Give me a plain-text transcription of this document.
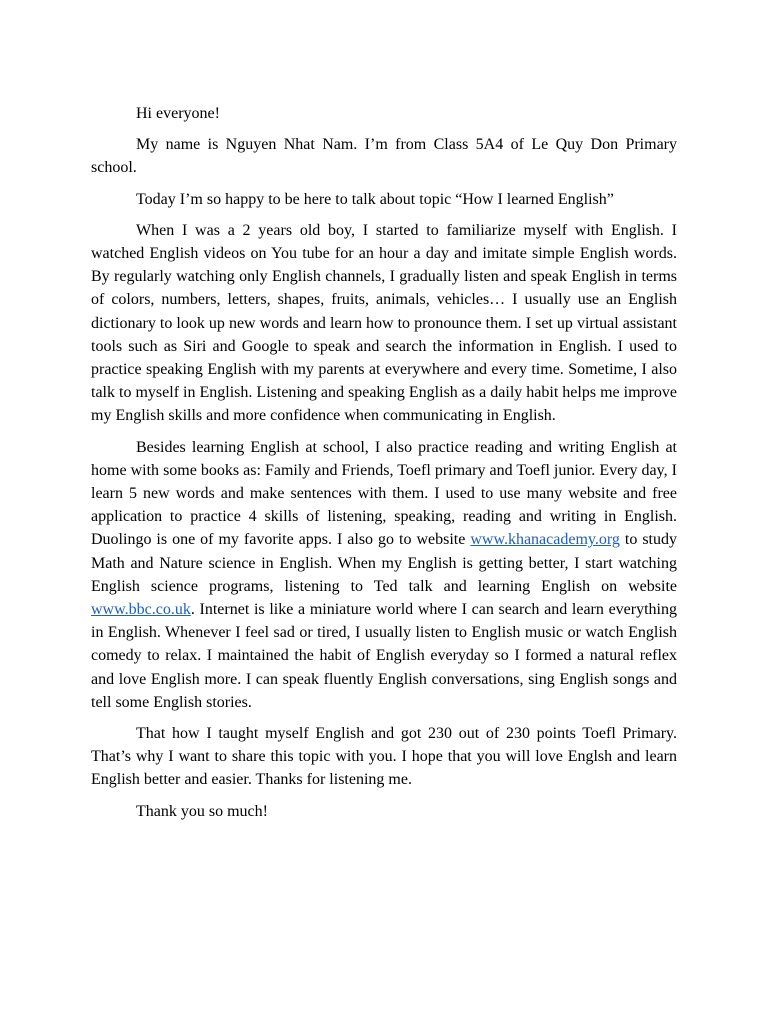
Hi everyone!

My name is Nguyen Nhat Nam. I’m from Class 5A4 of Le Quy Don Primary school.

Today I’m so happy to be here to talk about topic “How I learned English”

When I was a 2 years old boy, I started to familiarize myself with English. I watched English videos on You tube for an hour a day and imitate simple English words. By regularly watching only English channels, I gradually listen and speak English in terms of colors, numbers, letters, shapes, fruits, animals, vehicles… I usually use an English dictionary to look up new words and learn how to pronounce them. I set up virtual assistant tools such as Siri and Google to speak and search the information in English. I used to practice speaking English with my parents at everywhere and every time. Sometime, I also talk to myself in English. Listening and speaking English as a daily habit helps me improve my English skills and more confidence when communicating in English.

Besides learning English at school, I also practice reading and writing English at home with some books as: Family and Friends, Toefl primary and Toefl junior. Every day, I learn 5 new words and make sentences with them. I used to use many website and free application to practice 4 skills of listening, speaking, reading and writing in English. Duolingo is one of my favorite apps. I also go to website www.khanacademy.org to study Math and Nature science in English. When my English is getting better, I start watching English science programs, listening to Ted talk and learning English on website www.bbc.co.uk. Internet is like a miniature world where I can search and learn everything in English. Whenever I feel sad or tired, I usually listen to English music or watch English comedy to relax. I maintained the habit of English everyday so I formed a natural reflex and love English more. I can speak fluently English conversations, sing English songs and tell some English stories.

That how I taught myself English and got 230 out of 230 points Toefl Primary. That’s why I want to share this topic with you. I hope that you will love Englsh and learn English better and easier. Thanks for listening me.

Thank you so much!
